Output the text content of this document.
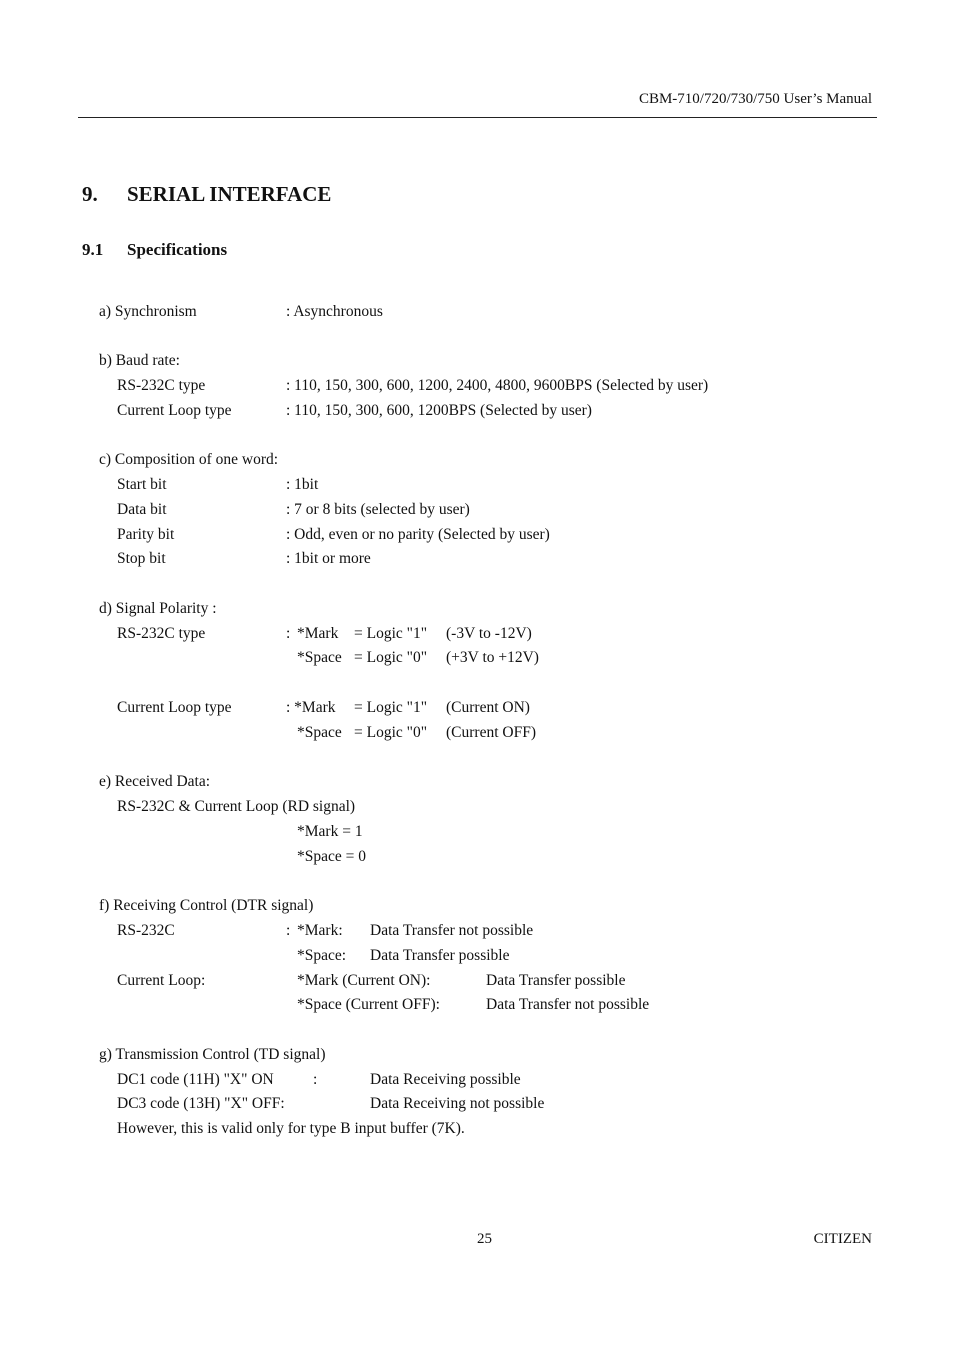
CBM-710/720/730/750 User’s Manual
9. SERIAL INTERFACE
9.1 Specifications
a) Synchronism	: Asynchronous
b) Baud rate:
RS-232C type	: 110, 150, 300, 600, 1200, 2400, 4800, 9600BPS (Selected by user)
Current Loop type	: 110, 150, 300, 600, 1200BPS (Selected by user)
c) Composition of one word:
Start bit	: 1bit
Data bit	: 7 or 8 bits (selected by user)
Parity bit	: Odd, even or no parity (Selected by user)
Stop bit	: 1bit or more
d) Signal Polarity :
RS-232C type	: *Mark = Logic "1" (-3V to -12V)
*Space = Logic "0" (+3V to +12V)
Current Loop type	: *Mark = Logic "1" (Current ON)
*Space = Logic "0" (Current OFF)
e) Received Data:
RS-232C & Current Loop (RD signal)
*Mark = 1
*Space = 0
f) Receiving Control (DTR signal)
RS-232C	: *Mark: Data Transfer not possible
*Space: Data Transfer possible
Current Loop:	*Mark (Current ON):	Data Transfer possible
*Space (Current OFF):	Data Transfer not possible
g) Transmission Control (TD signal)
DC1 code (11H) "X" ON	:	Data Receiving possible
DC3 code (13H) "X" OFF:	Data Receiving not possible
However, this is valid only for type B input buffer (7K).
25	CITIZEN
